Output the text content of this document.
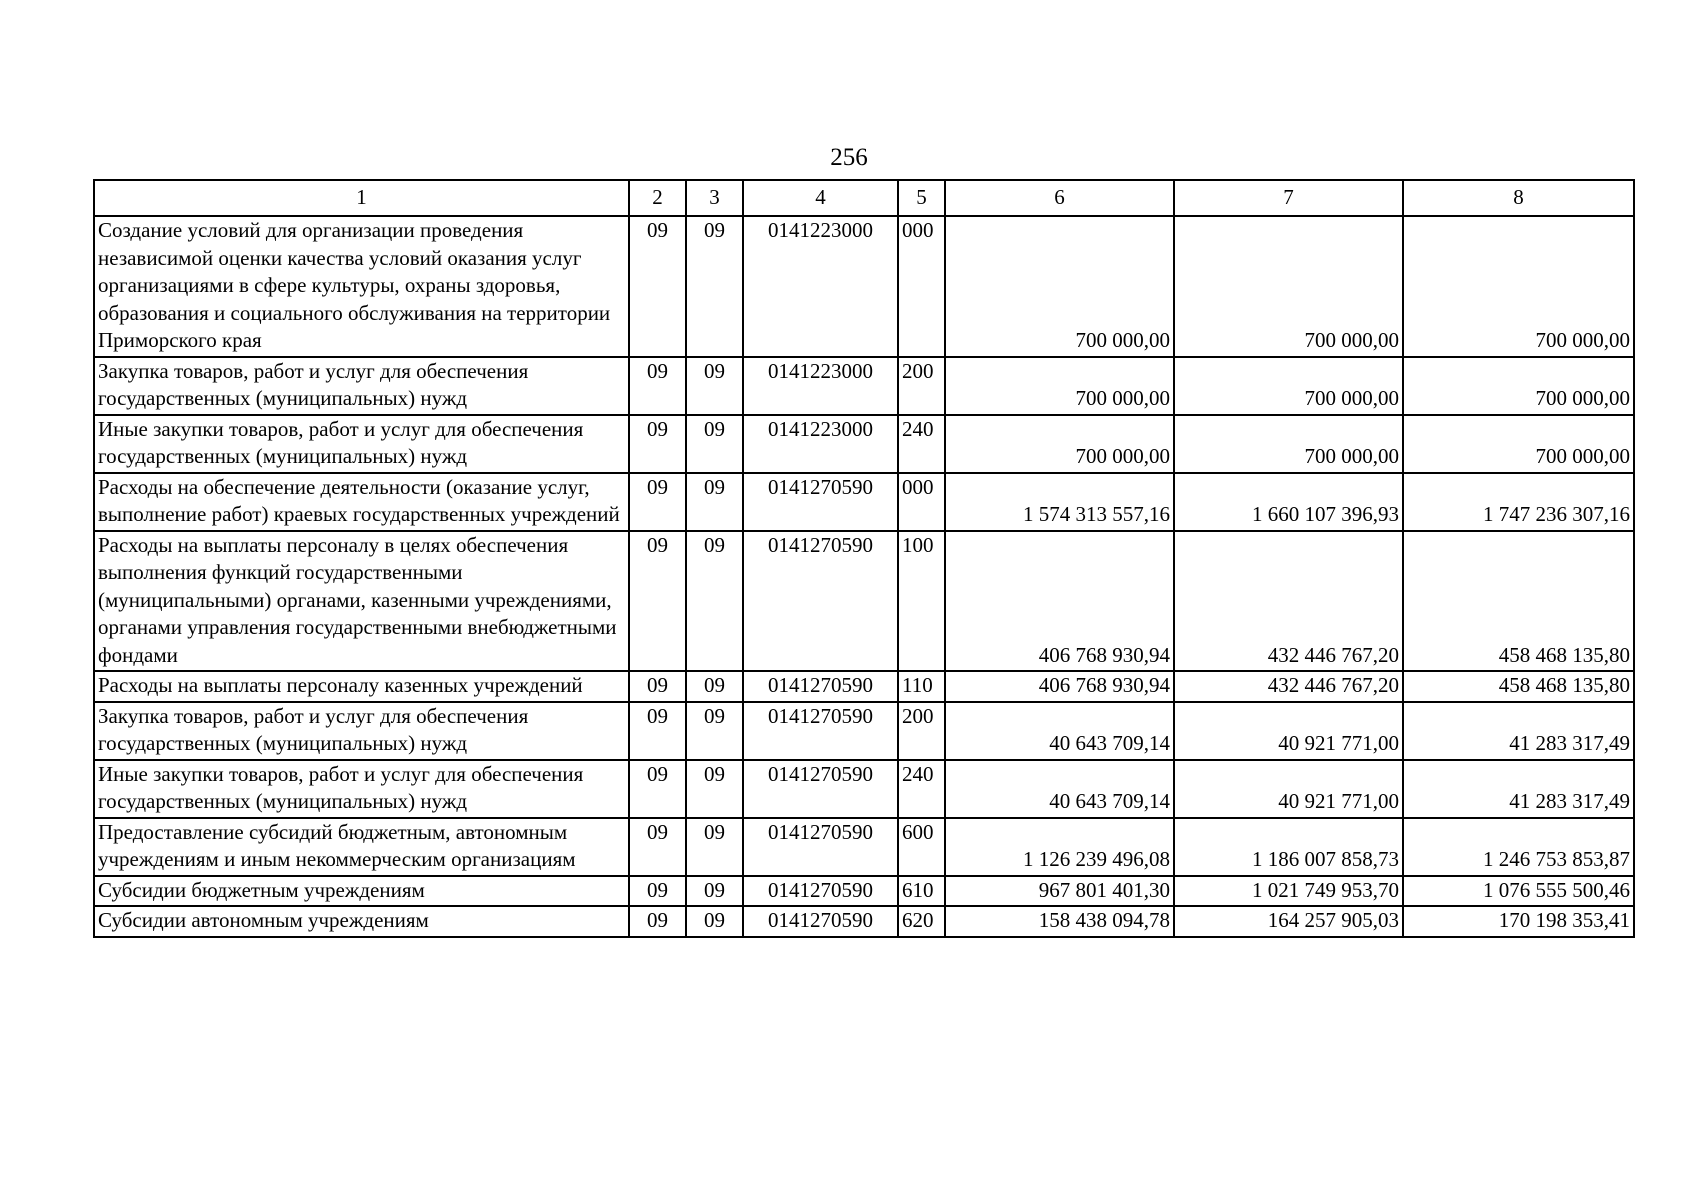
256
1	2	3	4	5	6	7	8
Создание условий для организации проведения независимой оценки качества условий оказания услуг организациями в сфере культуры, охраны здоровья, образования и социального обслуживания на территории Приморского края	09	09	0141223000	000	700 000,00	700 000,00	700 000,00
Закупка товаров, работ и услуг для обеспечения государственных (муниципальных) нужд	09	09	0141223000	200	700 000,00	700 000,00	700 000,00
Иные закупки товаров, работ и услуг для обеспечения государственных (муниципальных) нужд	09	09	0141223000	240	700 000,00	700 000,00	700 000,00
Расходы на обеспечение деятельности (оказание услуг, выполнение работ) краевых государственных учреждений	09	09	0141270590	000	1 574 313 557,16	1 660 107 396,93	1 747 236 307,16
Расходы на выплаты персоналу в целях обеспечения выполнения функций государственными (муниципальными) органами, казенными учреждениями, органами управления государственными внебюджетными фондами	09	09	0141270590	100	406 768 930,94	432 446 767,20	458 468 135,80
Расходы на выплаты персоналу казенных учреждений	09	09	0141270590	110	406 768 930,94	432 446 767,20	458 468 135,80
Закупка товаров, работ и услуг для обеспечения государственных (муниципальных) нужд	09	09	0141270590	200	40 643 709,14	40 921 771,00	41 283 317,49
Иные закупки товаров, работ и услуг для обеспечения государственных (муниципальных) нужд	09	09	0141270590	240	40 643 709,14	40 921 771,00	41 283 317,49
Предоставление субсидий бюджетным, автономным учреждениям и иным некоммерческим организациям	09	09	0141270590	600	1 126 239 496,08	1 186 007 858,73	1 246 753 853,87
Субсидии бюджетным учреждениям	09	09	0141270590	610	967 801 401,30	1 021 749 953,70	1 076 555 500,46
Субсидии автономным учреждениям	09	09	0141270590	620	158 438 094,78	164 257 905,03	170 198 353,41
